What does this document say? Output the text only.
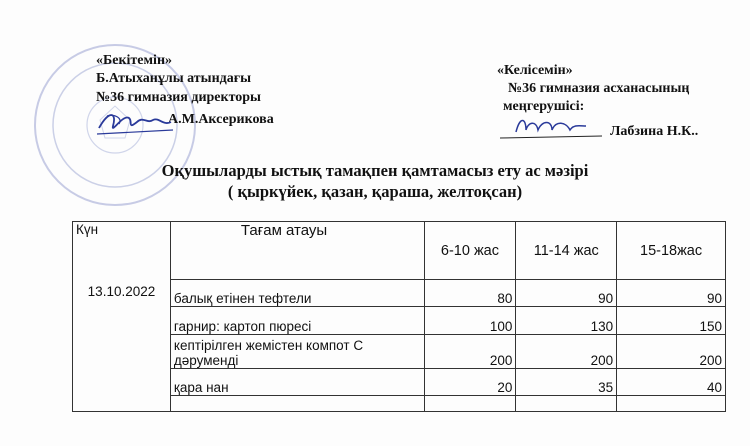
«Бекітемін»
Б.Атыханұлы атындағы
№36 гимназия директоры
А.М.Аксерикова
«Келісемін»
№36 гимназия асханасының
меңгерушісі:
Лабзина Н.К..
Оқушыларды ыстық тамақпен қамтамасыз ету ас мәзірі
( қыркүйек, қазан, қараша, желтоқсан)
Күн	Тағам атауы	6-10 жас	11-14 жас	15-18жас
13.10.2022				
	балық етінен тефтели	80	90	90
	гарнир: картоп пюресі	100	130	150
	кептірілген жемістен компот С
дәруменді	200	200	200
	қара нан	20	35	40
